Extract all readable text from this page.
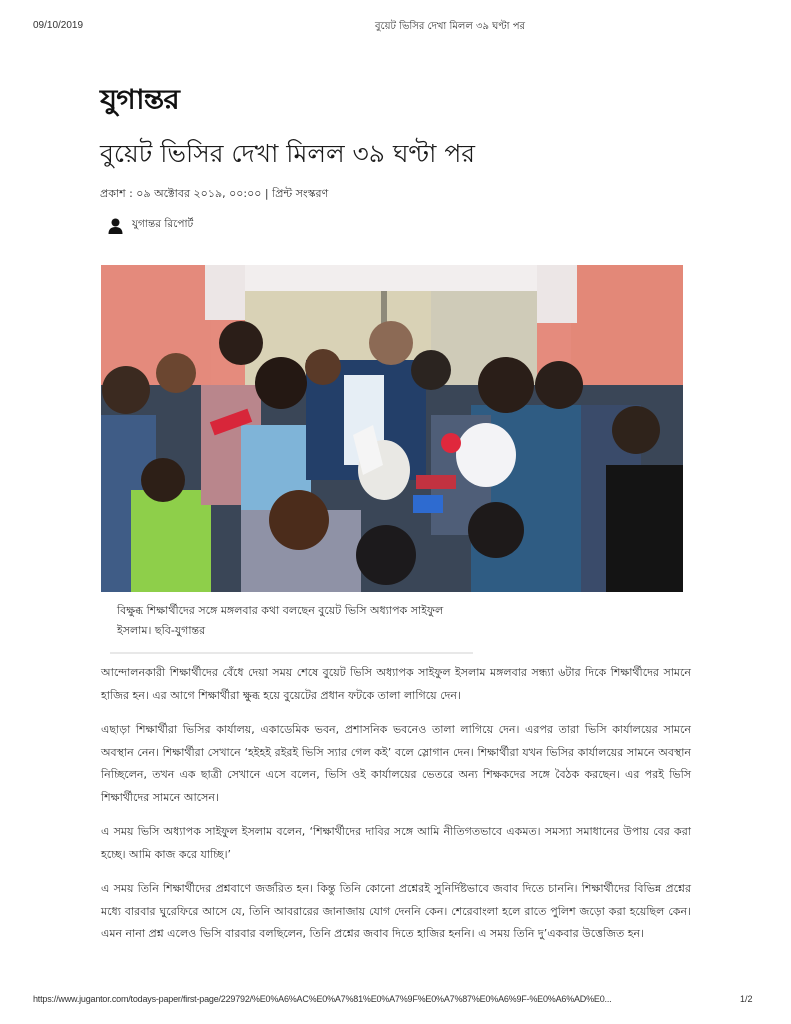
09/10/2019	বুয়েট ভিসির দেখা মিলল ৩৯ ঘণ্টা পর
যুগান্তর
বুয়েট ভিসির দেখা মিলল ৩৯ ঘণ্টা পর
প্রকাশ : ০৯ অক্টোবর ২০১৯, ০০:০০ | প্রিন্ট সংস্করণ
যুগান্তর রিপোর্ট
বিক্ষুব্ধ শিক্ষার্থীদের সঙ্গে মঙ্গলবার কথা বলছেন বুয়েট ভিসি অধ্যাপক সাইফুল ইসলাম। ছবি-যুগান্তর

আন্দোলনকারী শিক্ষার্থীদের বেঁধে দেয়া সময় শেষে বুয়েট ভিসি অধ্যাপক সাইফুল ইসলাম মঙ্গলবার সন্ধ্যা ৬টার দিকে শিক্ষার্থীদের সামনে হাজির হন। এর আগে শিক্ষার্থীরা ক্ষুব্ধ হয়ে বুয়েটের প্রধান ফটকে তালা লাগিয়ে দেন।

এছাড়া শিক্ষার্থীরা ভিসির কার্যালয়, একাডেমিক ভবন, প্রশাসনিক ভবনেও তালা লাগিয়ে দেন। এরপর তারা ভিসি কার্যালয়ের সামনে অবস্থান নেন। শিক্ষার্থীরা সেখানে ‘হইহই রইরই ভিসি স্যার গেল কই’ বলে স্লোগান দেন। শিক্ষার্থীরা যখন ভিসির কার্যালয়ের সামনে অবস্থান নিচ্ছিলেন, তখন এক ছাত্রী সেখানে এসে বলেন, ভিসি ওই কার্যালয়ের ভেতরে অন্য শিক্ষকদের সঙ্গে বৈঠক করছেন। এর পরই ভিসি শিক্ষার্থীদের সামনে আসেন।

এ সময় ভিসি অধ্যাপক সাইফুল ইসলাম বলেন, ‘শিক্ষার্থীদের দাবির সঙ্গে আমি নীতিগতভাবে একমত। সমস্যা সমাধানের উপায় বের করা হচ্ছে। আমি কাজ করে যাচ্ছি।’

এ সময় তিনি শিক্ষার্থীদের প্রশ্নবাণে জর্জরিত হন। কিন্তু তিনি কোনো প্রশ্নেরই সুনির্দিষ্টভাবে জবাব দিতে চাননি। শিক্ষার্থীদের বিভিন্ন প্রশ্নের মধ্যে বারবার ঘুরেফিরে আসে যে, তিনি আবরারের জানাজায় যোগ দেননি কেন। শেরেবাংলা হলে রাতে পুলিশ জড়ো করা হয়েছিল কেন। এমন নানা প্রশ্ন এলেও ভিসি বারবার বলছিলেন, তিনি প্রশ্নের জবাব দিতে হাজির হননি। এ সময় তিনি দু’একবার উত্তেজিত হন।

https://www.jugantor.com/todays-paper/first-page/229792/%E0%A6%AC%E0%A7%81%E0%A7%9F%E0%A7%87%E0%A6%9F-%E0%A6%AD%E0...	1/2
